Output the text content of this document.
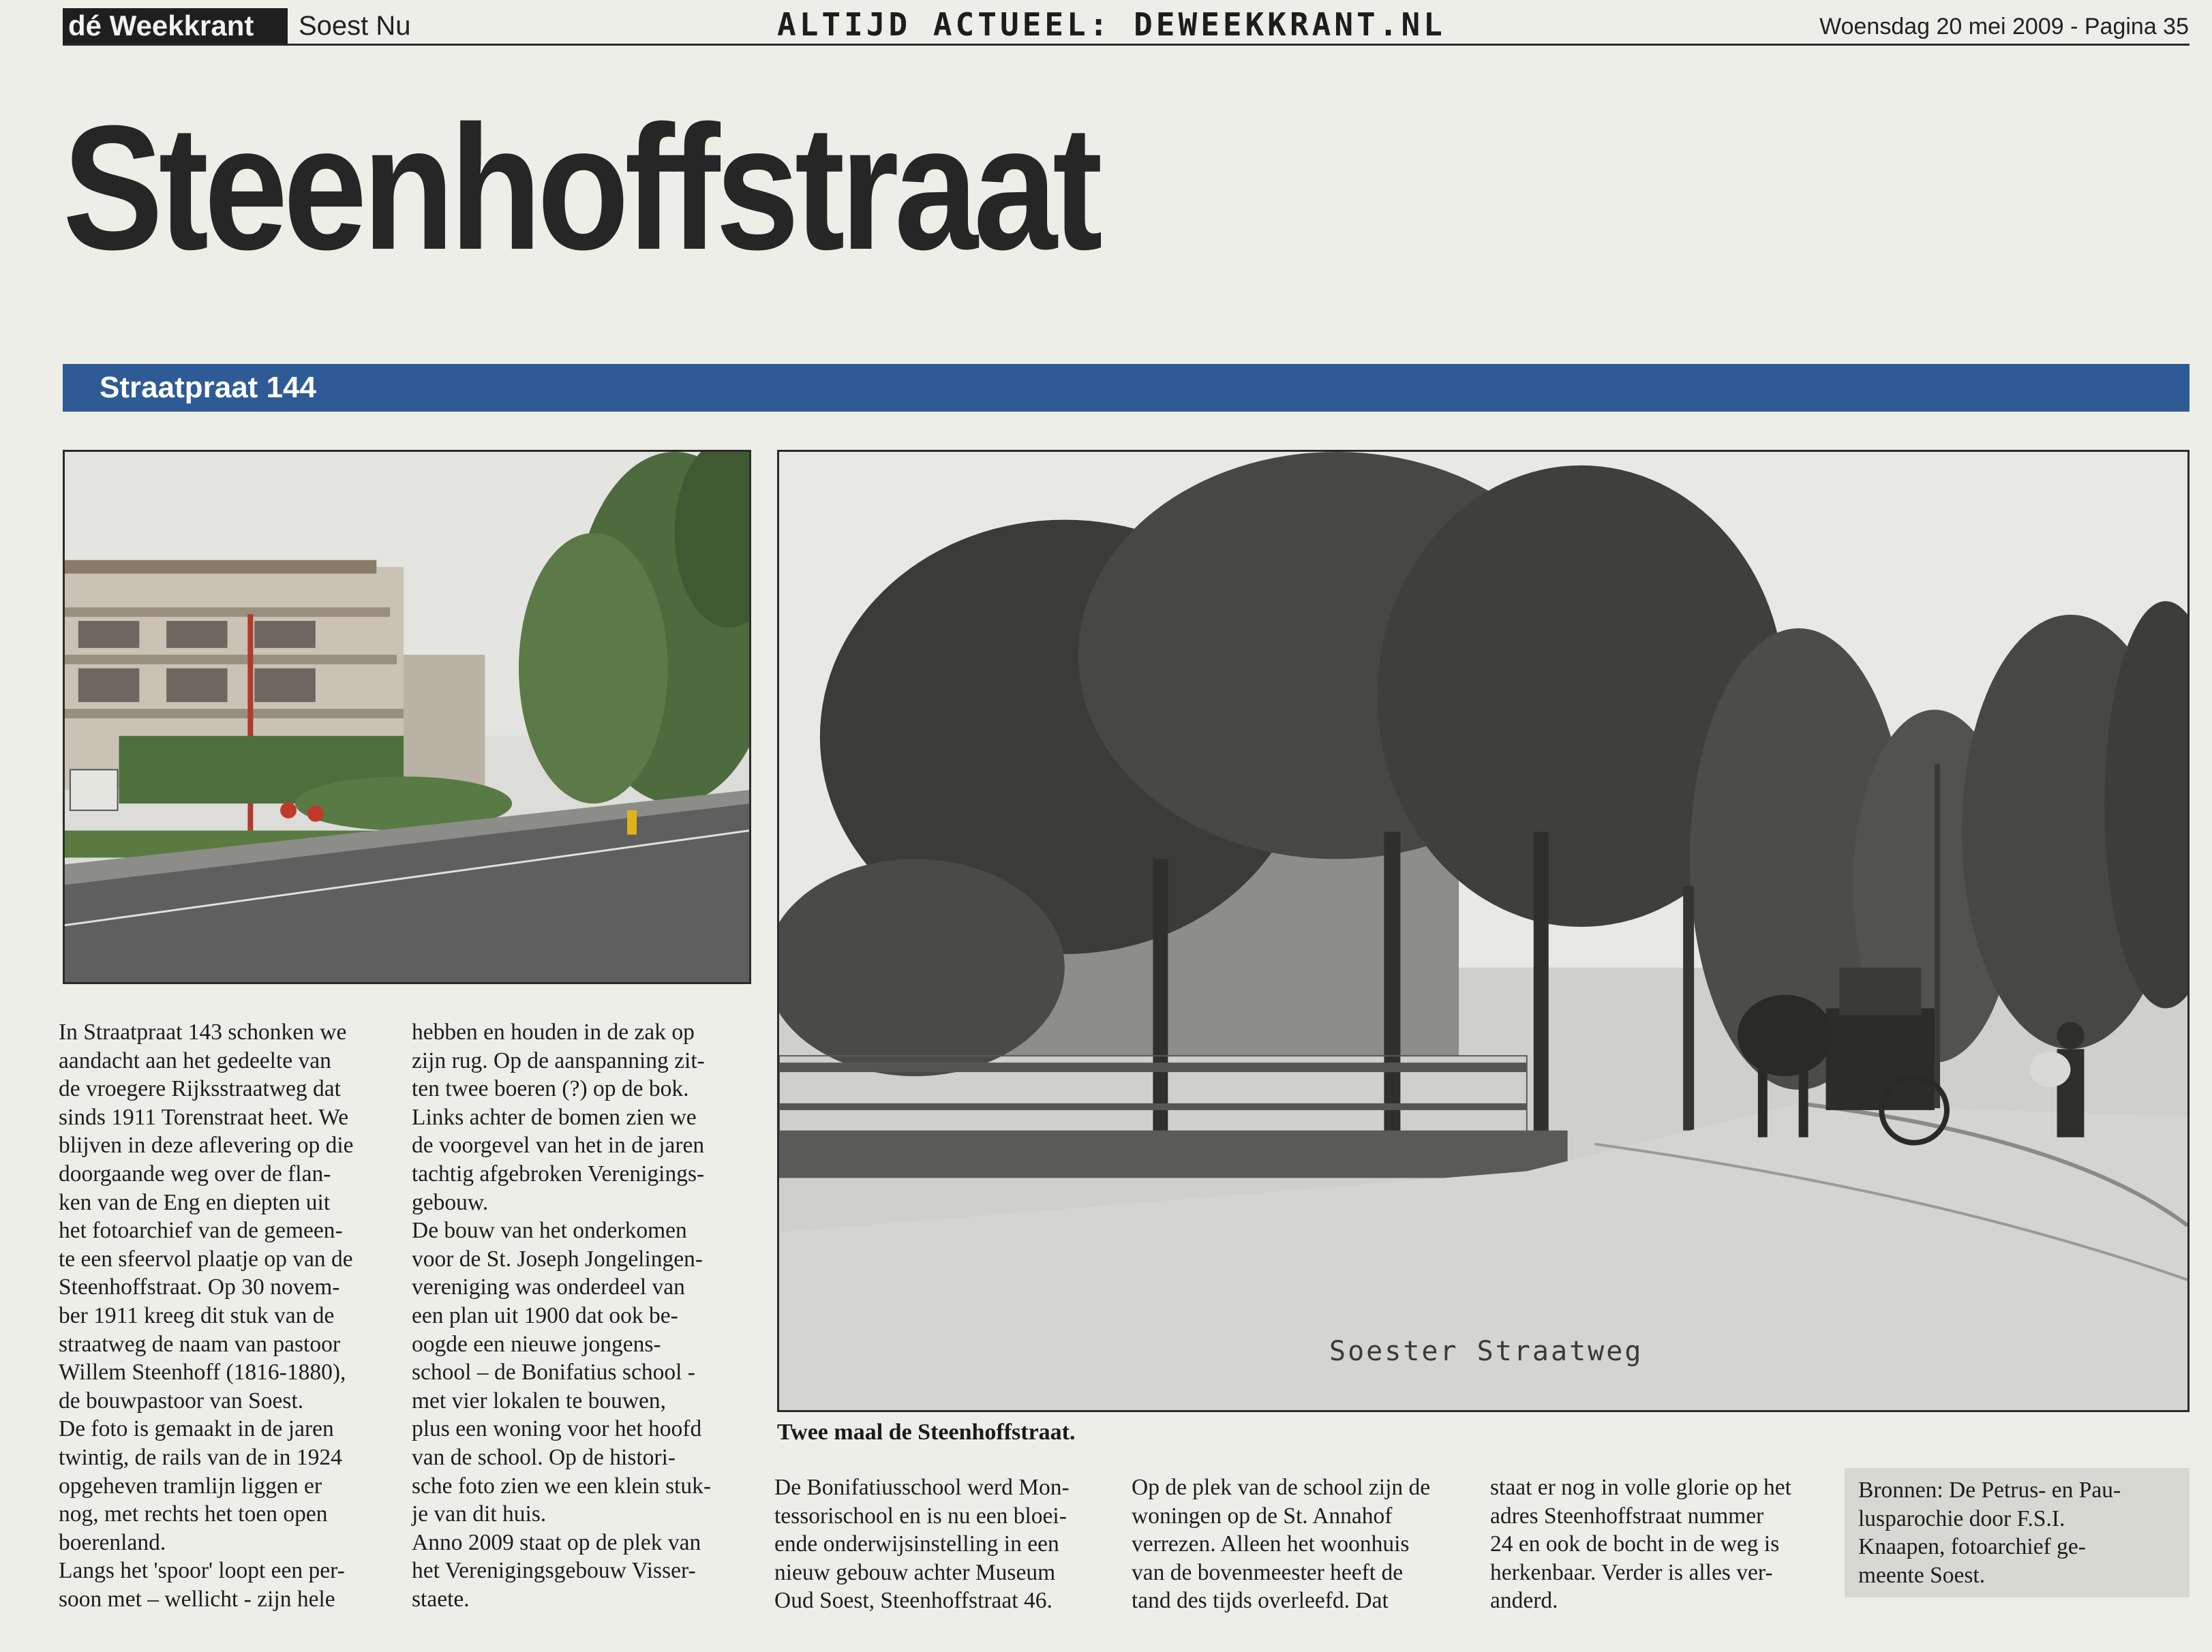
dé Weekkrant	Soest Nu	ALTIJD ACTUEEL: DEWEEKKRANT.NL	Woensdag 20 mei 2009 - Pagina 35
Steenhoffstraat
Straatpraat 144
Soester Straatweg
Twee maal de Steenhoffstraat.
In Straatpraat 143 schonken we
aandacht aan het gedeelte van
de vroegere Rijksstraatweg dat
sinds 1911 Torenstraat heet. We
blijven in deze aflevering op die
doorgaande weg over de flan-
ken van de Eng en diepten uit
het fotoarchief van de gemeen-
te een sfeervol plaatje op van de
Steenhoffstraat. Op 30 novem-
ber 1911 kreeg dit stuk van de
straatweg de naam van pastoor
Willem Steenhoff (1816-1880),
de bouwpastoor van Soest.
De foto is gemaakt in de jaren
twintig, de rails van de in 1924
opgeheven tramlijn liggen er
nog, met rechts het toen open
boerenland.
Langs het 'spoor' loopt een per-
soon met – wellicht - zijn hele
hebben en houden in de zak op
zijn rug. Op de aanspanning zit-
ten twee boeren (?) op de bok.
Links achter de bomen zien we
de voorgevel van het in de jaren
tachtig afgebroken Verenigings-
gebouw.
De bouw van het onderkomen
voor de St. Joseph Jongelingen-
vereniging was onderdeel van
een plan uit 1900 dat ook be-
oogde een nieuwe jongens-
school – de Bonifatius school -
met vier lokalen te bouwen,
plus een woning voor het hoofd
van de school. Op de histori-
sche foto zien we een klein stuk-
je van dit huis.
Anno 2009 staat op de plek van
het Verenigingsgebouw Visser-
staete.
De Bonifatiusschool werd Mon-
tessorischool en is nu een bloei-
ende onderwijsinstelling in een
nieuw gebouw achter Museum
Oud Soest, Steenhoffstraat 46.
Op de plek van de school zijn de
woningen op de St. Annahof
verrezen. Alleen het woonhuis
van de bovenmeester heeft de
tand des tijds overleefd. Dat
staat er nog in volle glorie op het
adres Steenhoffstraat nummer
24 en ook de bocht in de weg is
herkenbaar. Verder is alles ver-
anderd.
Bronnen: De Petrus- en Pau-
lusparochie door F.S.I.
Knaapen, fotoarchief ge-
meente Soest.
